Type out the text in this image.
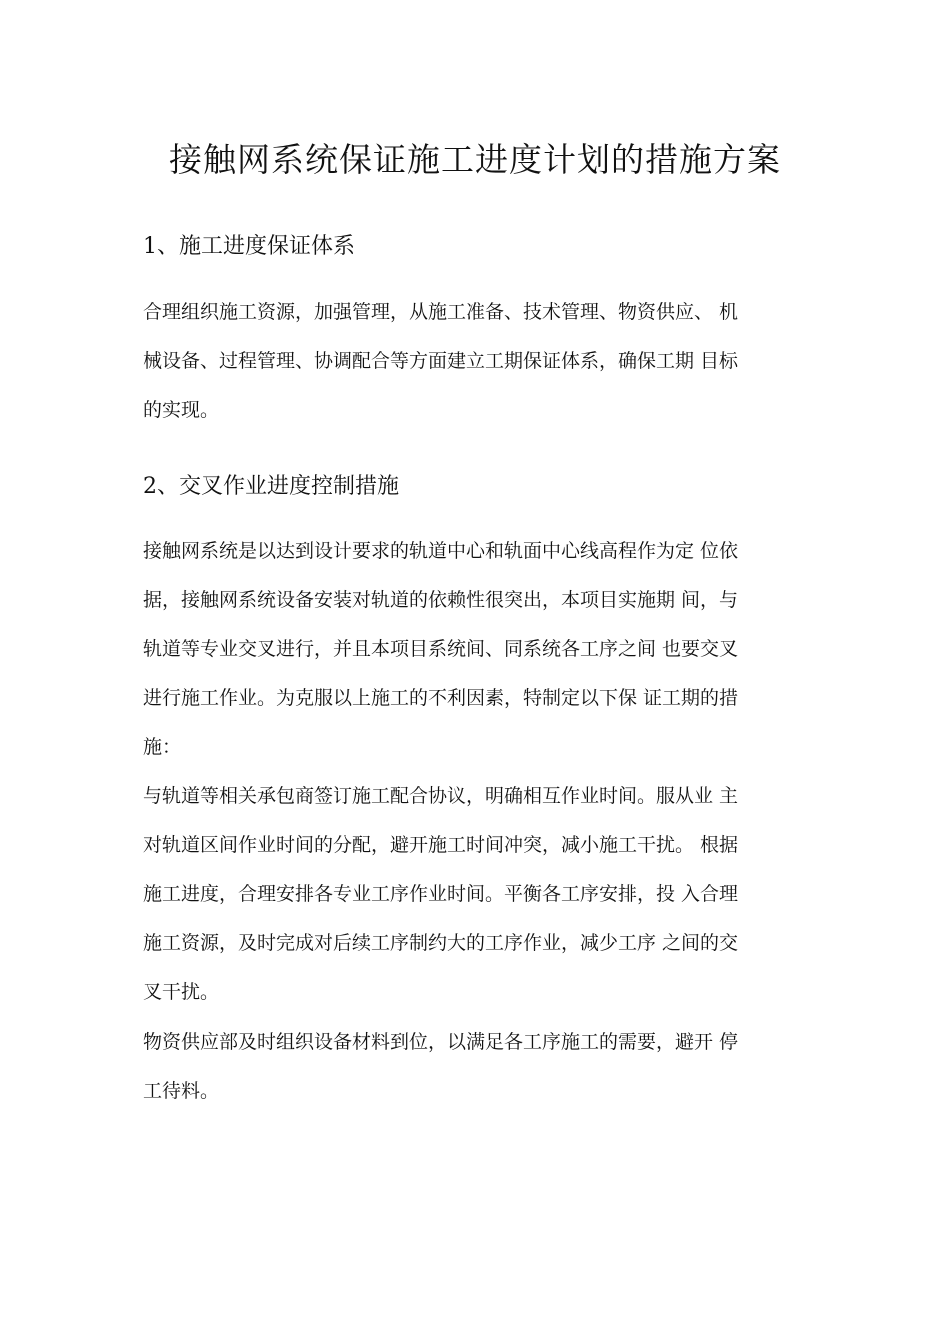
接触网系统保证施工进度计划的措施方案
1、施工进度保证体系

合理组织施工资源，加强管理，从施工准备、技术管理、物资供应、 机
械设备、过程管理、协调配合等方面建立工期保证体系，确保工期 目标
的实现。

2、交叉作业进度控制措施

接触网系统是以达到设计要求的轨道中心和轨面中心线高程作为定 位依
据，接触网系统设备安装对轨道的依赖性很突出，本项目实施期 间，与
轨道等专业交叉进行，并且本项目系统间、同系统各工序之间 也要交叉
进行施工作业。为克服以上施工的不利因素，特制定以下保 证工期的措
施：

与轨道等相关承包商签订施工配合协议，明确相互作业时间。服从业 主
对轨道区间作业时间的分配，避开施工时间冲突，减小施工干扰。 根据
施工进度，合理安排各专业工序作业时间。平衡各工序安排，投 入合理
施工资源，及时完成对后续工序制约大的工序作业，减少工序 之间的交
叉干扰。

物资供应部及时组织设备材料到位，以满足各工序施工的需要，避开 停
工待料。
